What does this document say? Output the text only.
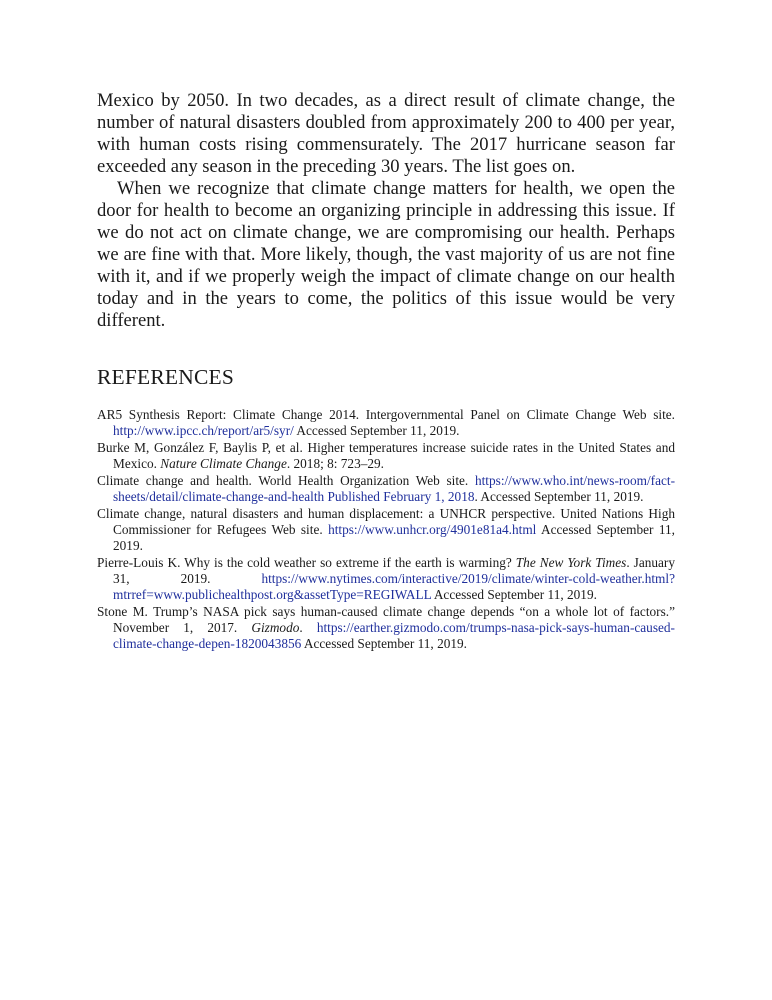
Mexico by 2050. In two decades, as a direct result of climate change, the number of natural disasters doubled from approximately 200 to 400 per year, with human costs rising commensurately. The 2017 hurricane season far exceeded any season in the preceding 30 years. The list goes on.

When we recognize that climate change matters for health, we open the door for health to become an organizing principle in addressing this issue. If we do not act on climate change, we are compromising our health. Perhaps we are fine with that. More likely, though, the vast majority of us are not fine with it, and if we properly weigh the impact of climate change on our health today and in the years to come, the politics of this issue would be very different.

REFERENCES
AR5 Synthesis Report: Climate Change 2014. Intergovernmental Panel on Climate Change Web site. http://www.ipcc.ch/report/ar5/syr/ Accessed September 11, 2019.
Burke M, González F, Baylis P, et al. Higher temperatures increase suicide rates in the United States and Mexico. Nature Climate Change. 2018; 8: 723–29.
Climate change and health. World Health Organization Web site. https://www.who.int/news-room/fact-sheets/detail/climate-change-and-health Published February 1, 2018. Accessed September 11, 2019.
Climate change, natural disasters and human displacement: a UNHCR perspective. United Nations High Commissioner for Refugees Web site. https://www.unhcr.org/4901e81a4.html Accessed September 11, 2019.
Pierre-Louis K. Why is the cold weather so extreme if the earth is warming? The New York Times. January 31, 2019. https://www.nytimes.com/interactive/2019/climate/winter-cold-weather.html?mtrref=www.publichealthpost.org&assetType=REGIWALL Accessed September 11, 2019.
Stone M. Trump’s NASA pick says human-caused climate change depends “on a whole lot of factors.” November 1, 2017. Gizmodo. https://earther.gizmodo.com/trumps-nasa-pick-says-human-caused-climate-change-depen-1820043856 Accessed September 11, 2019.
